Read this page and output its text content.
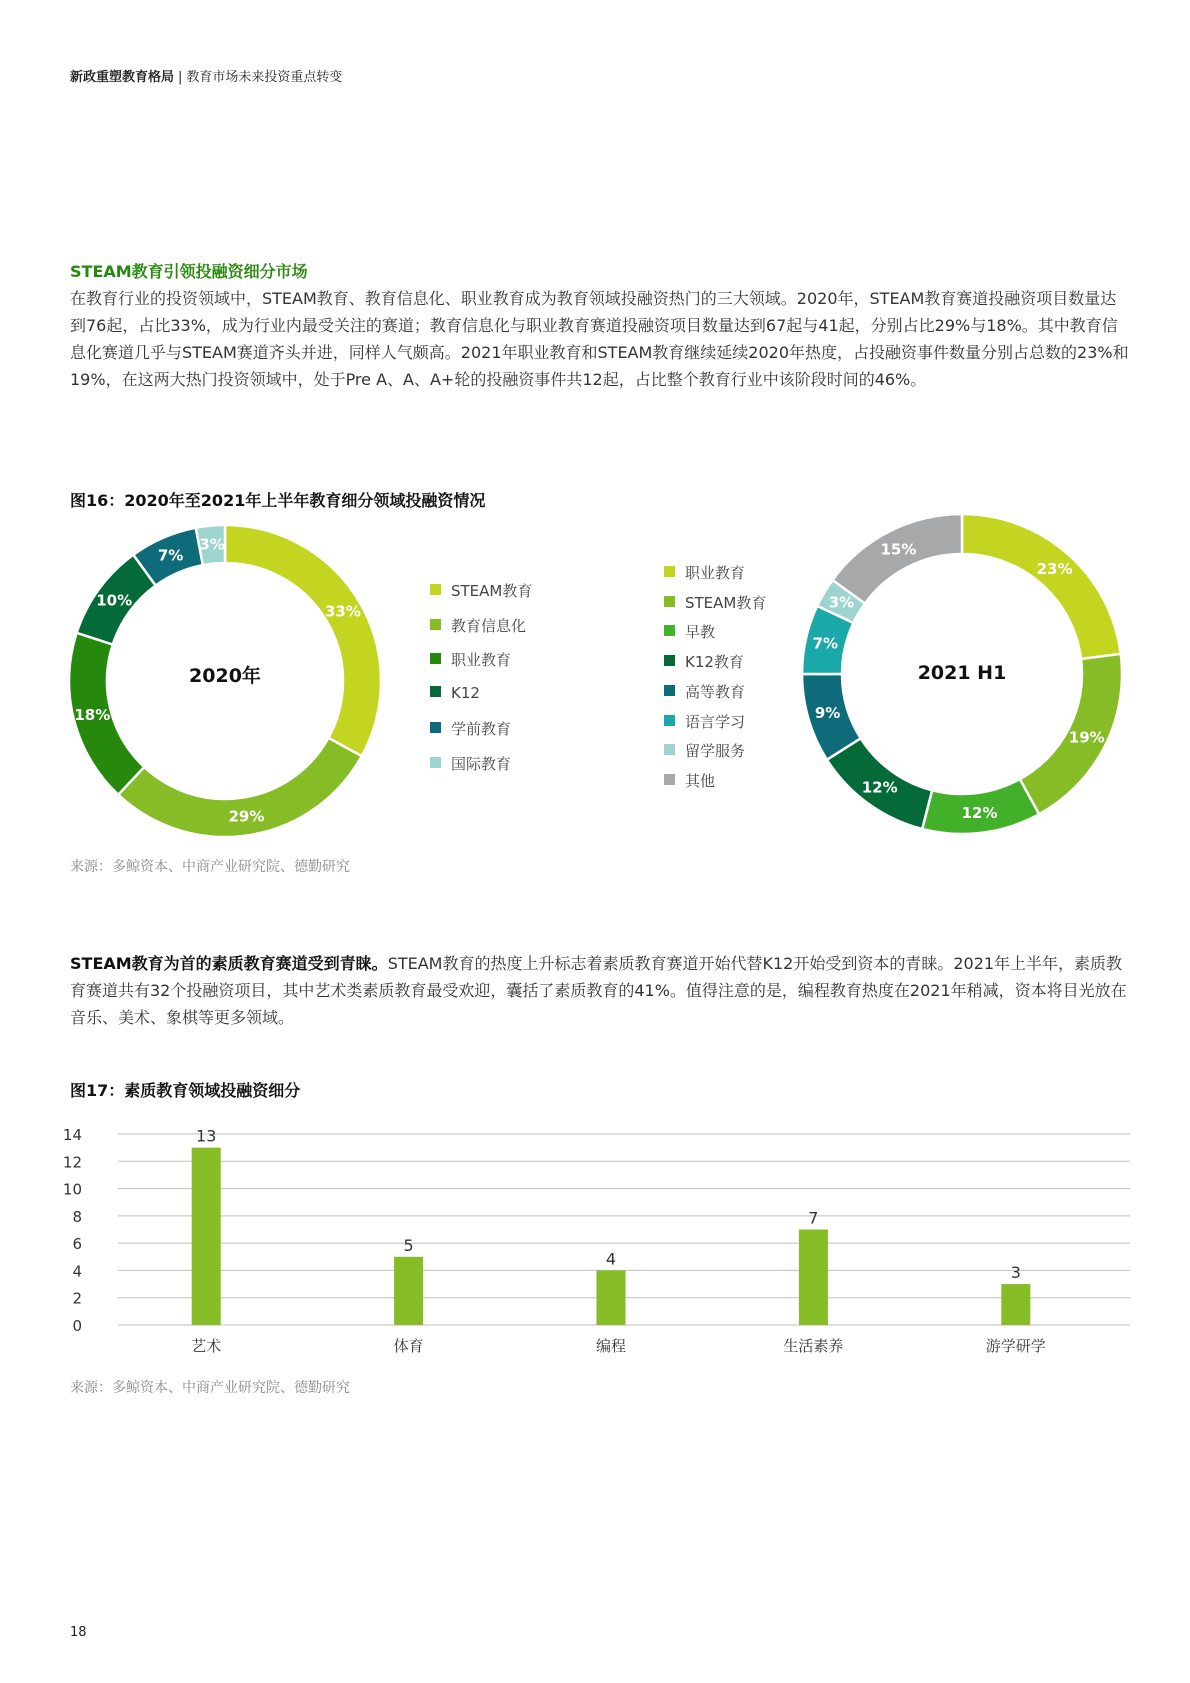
新政重塑教育格局 | 教育市场未来投资重点转变
STEAM教育引领投融资细分市场

在教育行业的投资领域中，STEAM教育、教育信息化、职业教育成为教育领域投融资热门的三大领域。2020年，STEAM教育赛道投融资项目数量达到76起，占比33%，成为行业内最受关注的赛道；教育信息化与职业教育赛道投融资项目数量达到67起与41起，分别占比29%与18%。其中教育信息化赛道几乎与STEAM赛道齐头并进，同样人气颇高。2021年职业教育和STEAM教育继续延续2020年热度，占投融资事件数量分别占总数的23%和19%，在这两大热门投资领域中，处于Pre A、A、A+轮的投融资事件共12起，占比整个教育行业中该阶段时间的46%。

图16：2020年至2021年上半年教育细分领域投融资情况
33%
29%
18%
10%
7%
3%
2020年
STEAM教育
教育信息化
职业教育
K12
学前教育
国际教育
职业教育
STEAM教育
早教
K12教育
高等教育
语言学习
留学服务
其他
23%
19%
12%
12%
9%
7%
3%
15%
2021 H1
来源：多鲸资本、中商产业研究院、德勤研究

STEAM教育为首的素质教育赛道受到青睐。STEAM教育的热度上升标志着素质教育赛道开始代替K12开始受到资本的青睐。2021年上半年，素质教育赛道共有32个投融资项目，其中艺术类素质教育最受欢迎，囊括了素质教育的41%。值得注意的是，编程教育热度在2021年稍减，资本将目光放在音乐、美术、象棋等更多领域。

图17：素质教育领域投融资细分
0
2
4
6
8
10
12
14	13
艺术
5
体育
4
编程
7
生活素养
3
游学研学
来源：多鲸资本、中商产业研究院、德勤研究
18
